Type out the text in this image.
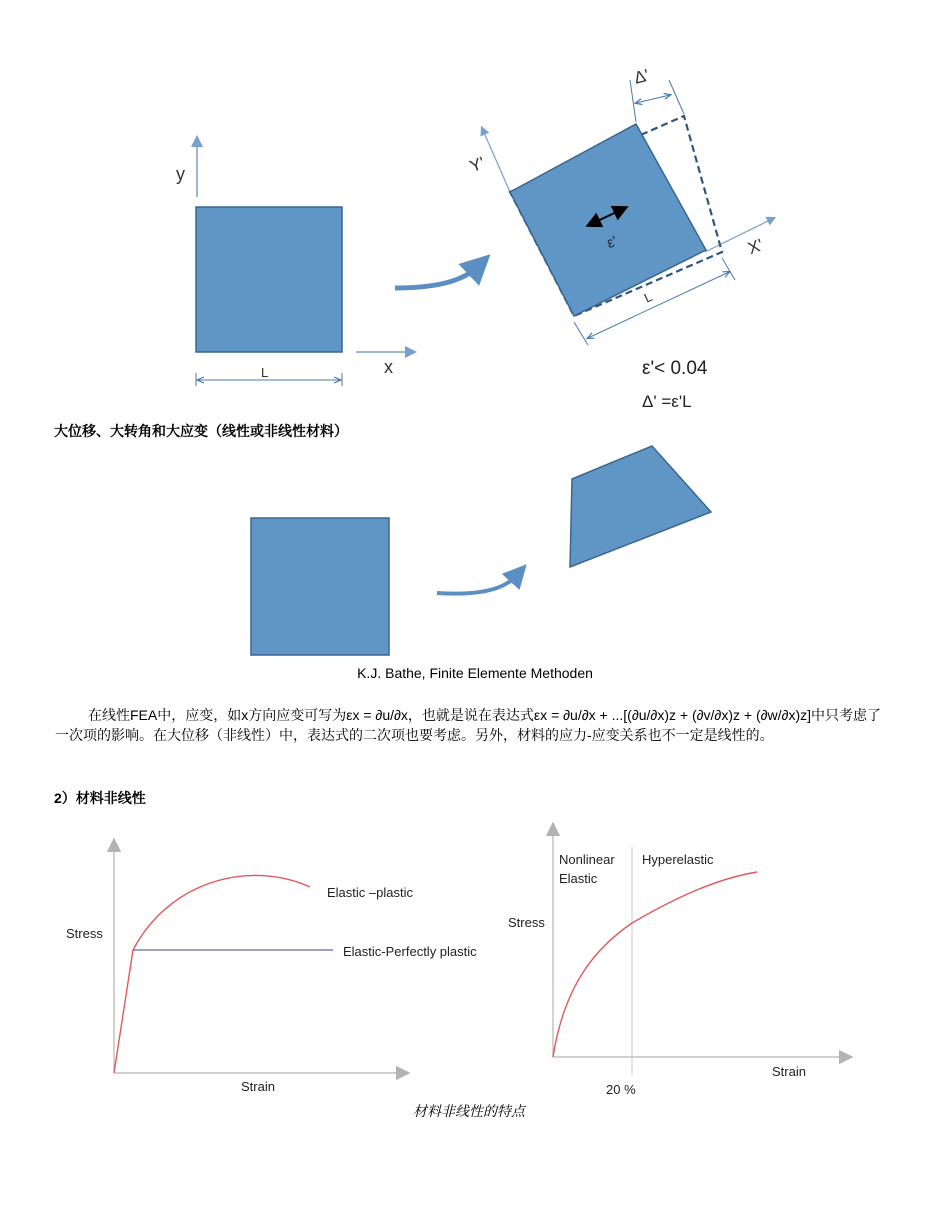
y
x
L
Y'
X'
ε'
Δ'
L
ε'< 0.04
Δ' =ε'L
大位移、大转角和大应变（线性或非线性材料）
K.J. Bathe, Finite Elemente Methoden
在线性FEA中，应变，如x方向应变可写为εx = ∂u/∂x，也就是说在表达式εx = ∂u/∂x + ...[(∂u/∂x)z + (∂v/∂x)z + (∂w/∂x)z]中只考虑了一次项的影响。在大位移（非线性）中，表达式的二次项也要考虑。另外，材料的应力-应变关系也不一定是线性的。
2）材料非线性
Stress
Strain
Elastic –plastic
Elastic-Perfectly plastic
Stress
Strain
20 %
Nonlinear
Elastic
Hyperelastic
材料非线性的特点
